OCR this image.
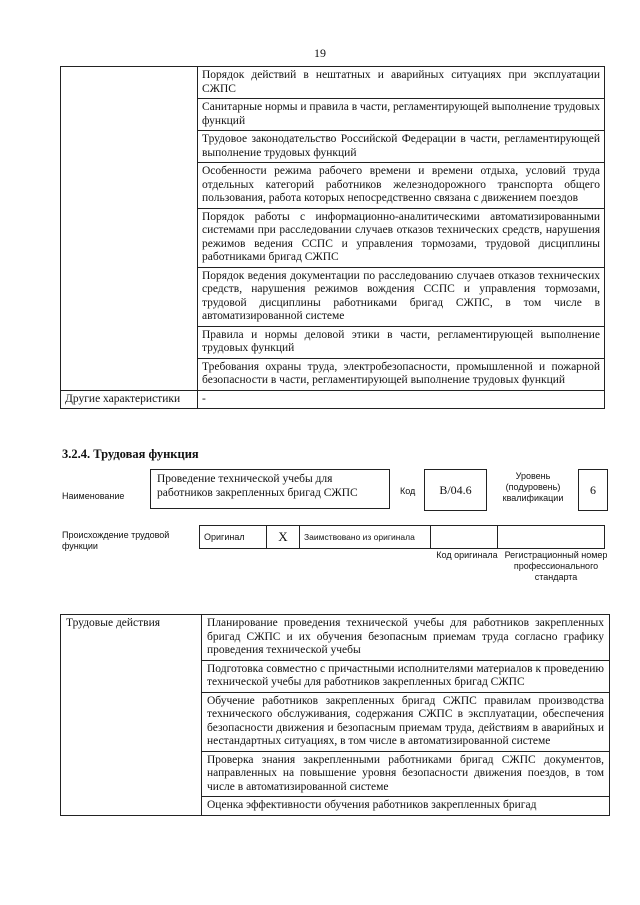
19
	Порядок действий в нештатных и аварийных ситуациях при эксплуатации СЖПС
	Санитарные нормы и правила в части, регламентирующей выполнение трудовых функций
	Трудовое законодательство Российской Федерации в части, регламентирующей выполнение трудовых функций
	Особенности режима рабочего времени и времени отдыха, условий труда отдельных категорий работников железнодорожного транспорта общего пользования, работа которых непосредственно связана с движением поездов
	Порядок работы с информационно-аналитическими автоматизированными системами при расследовании случаев отказов технических средств, нарушения режимов ведения ССПС и управления тормозами, трудовой дисциплины работниками бригад СЖПС
	Порядок ведения документации по расследованию случаев отказов технических средств, нарушения режимов вождения ССПС и управления тормозами, трудовой дисциплины работниками бригад СЖПС, в том числе в автоматизированной системе
	Правила и нормы деловой этики в части, регламентирующей выполнение трудовых функций
	Требования охраны труда, электробезопасности, промышленной и пожарной безопасности в части, регламентирующей выполнение трудовых функций
Другие характеристики	-
3.2.4. Трудовая функция
Наименование
Проведение технической учебы для работников закрепленных бригад СЖПС	Код	B/04.6
Уровень (подуровень) квалификации
6
Происхождение трудовой функции
Оригинал	X	Заимствовано из оригинала		
Код оригинала Регистрационный номер профессионального стандарта
Трудовые действия	Планирование проведения технической учебы для работников закрепленных бригад СЖПС и их обучения безопасным приемам труда согласно графику проведения технической учебы
Подготовка совместно с причастными исполнителями материалов к проведению технической учебы для работников закрепленных бригад СЖПС
Обучение работников закрепленных бригад СЖПС правилам производства технического обслуживания, содержания СЖПС в эксплуатации, обеспечения безопасности движения и безопасным приемам труда, действиям в аварийных и нестандартных ситуациях, в том числе в автоматизированной системе
Проверка знания закрепленными работниками бригад СЖПС документов, направленных на повышение уровня безопасности движения поездов, в том числе в автоматизированной системе
Оценка эффективности обучения работников закрепленных бригад
